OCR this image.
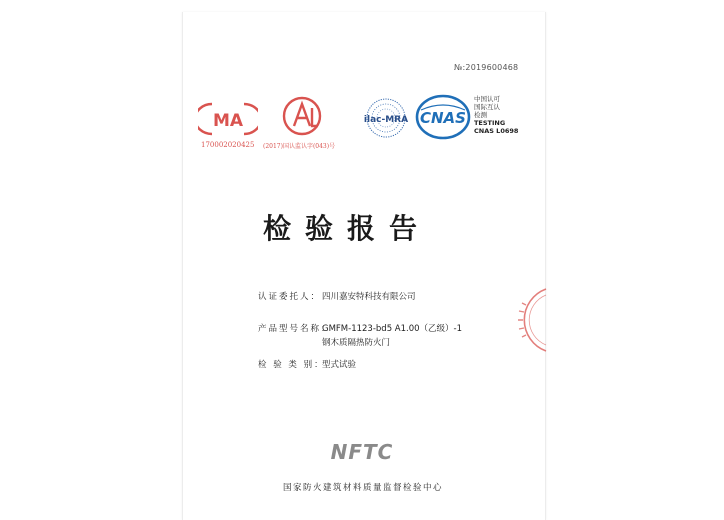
№:2019600468
MA
170002020425 (2017)国认监认字(043)号
ilac-MRA CNAS
中国认可
国际互认
检测
TESTING
CNAS L0698
检验报告
认证委托人：四川嘉安特科技有限公司
产品型号名称：GMFM-1123-bd5 A1.00（乙级）-1
钢木质隔热防火门
检 验 类 别：型式试验
NFTC
国家防火建筑材料质量监督检验中心
